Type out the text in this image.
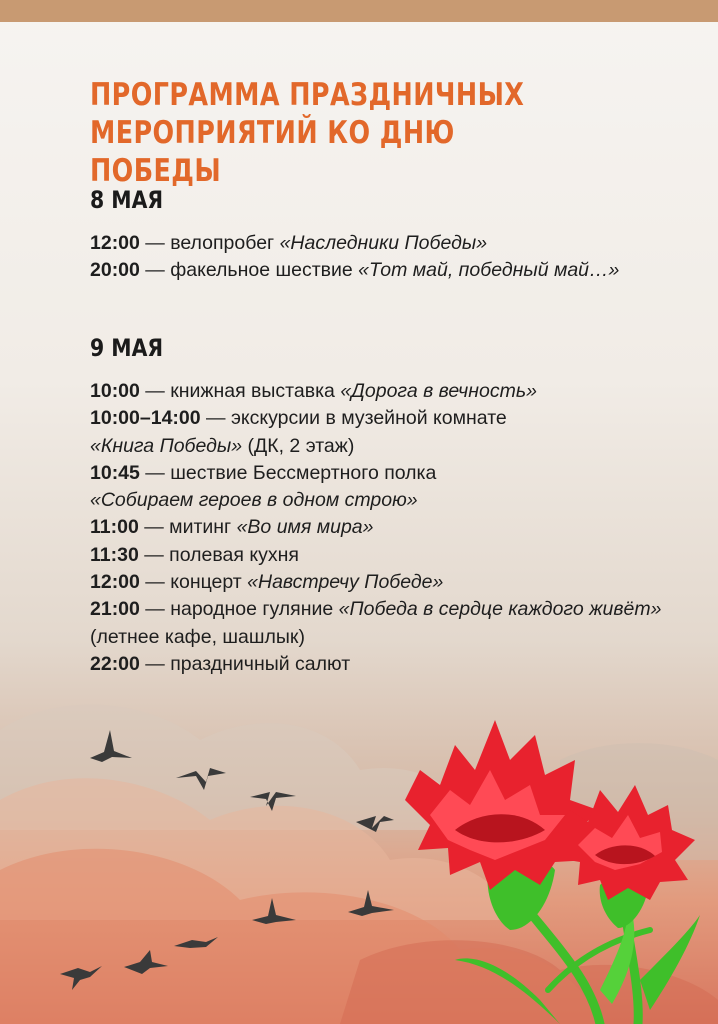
ПРОГРАММА ПРАЗДНИЧНЫХ
МЕРОПРИЯТИЙ КО ДНЮ ПОБЕДЫ
8 МАЯ
12:00 — велопробег «Наследники Победы»
20:00 — факельное шествие «Тот май, победный май…»
9 МАЯ
10:00 — книжная выставка «Дорога в вечность»
10:00–14:00 — экскурсии в музейной комнате
«Книга Победы» (ДК, 2 этаж)
10:45 — шествие Бессмертного полка
«Собираем героев в одном строю»
11:00 — митинг «Во имя мира»
11:30 — полевая кухня
12:00 — концерт «Навстречу Победе»
21:00 — народное гуляние «Победа в сердце каждого живёт» (летнее кафе, шашлык)
22:00 — праздничный салют
